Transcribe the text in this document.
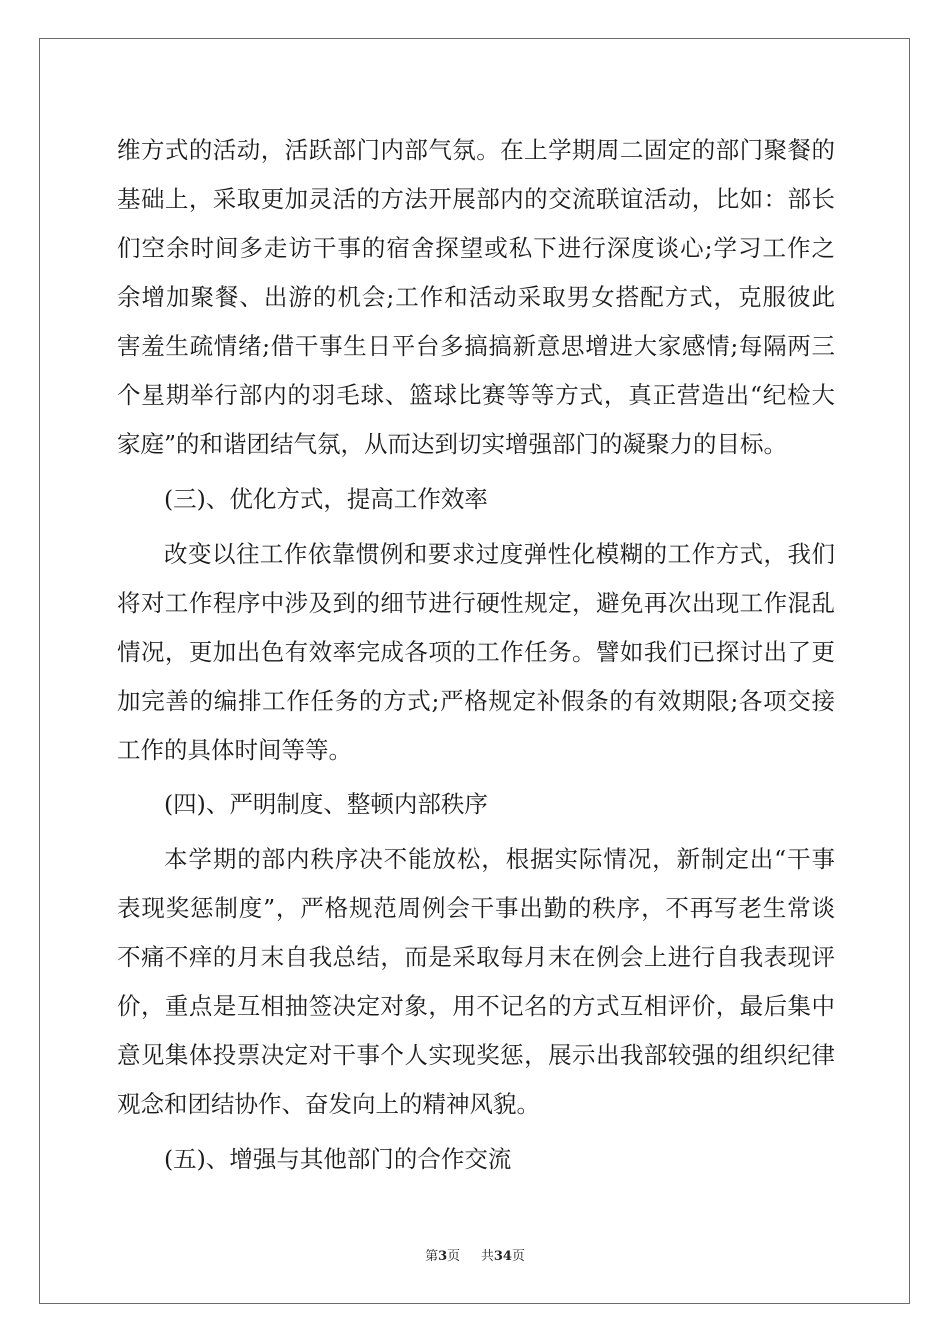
维方式的活动，活跃部门内部气氛。在上学期周二固定的部门聚餐的
基础上，采取更加灵活的方法开展部内的交流联谊活动，比如：部长
们空余时间多走访干事的宿舍探望或私下进行深度谈心;学习工作之
余增加聚餐、出游的机会;工作和活动采取男女搭配方式，克服彼此
害羞生疏情绪;借干事生日平台多搞搞新意思增进大家感情;每隔两三
个星期举行部内的羽毛球、篮球比赛等等方式，真正营造出“纪检大
家庭”的和谐团结气氛，从而达到切实增强部门的凝聚力的目标。
(三)、优化方式，提高工作效率
改变以往工作依靠惯例和要求过度弹性化模糊的工作方式，我们
将对工作程序中涉及到的细节进行硬性规定，避免再次出现工作混乱
情况，更加出色有效率完成各项的工作任务。譬如我们已探讨出了更
加完善的编排工作任务的方式;严格规定补假条的有效期限;各项交接
工作的具体时间等等。
(四)、严明制度、整顿内部秩序
本学期的部内秩序决不能放松，根据实际情况，新制定出“干事
表现奖惩制度”，严格规范周例会干事出勤的秩序，不再写老生常谈
不痛不痒的月末自我总结，而是采取每月末在例会上进行自我表现评
价，重点是互相抽签决定对象，用不记名的方式互相评价，最后集中
意见集体投票决定对干事个人实现奖惩，展示出我部较强的组织纪律
观念和团结协作、奋发向上的精神风貌。
(五)、增强与其他部门的合作交流
第3页 共34页
